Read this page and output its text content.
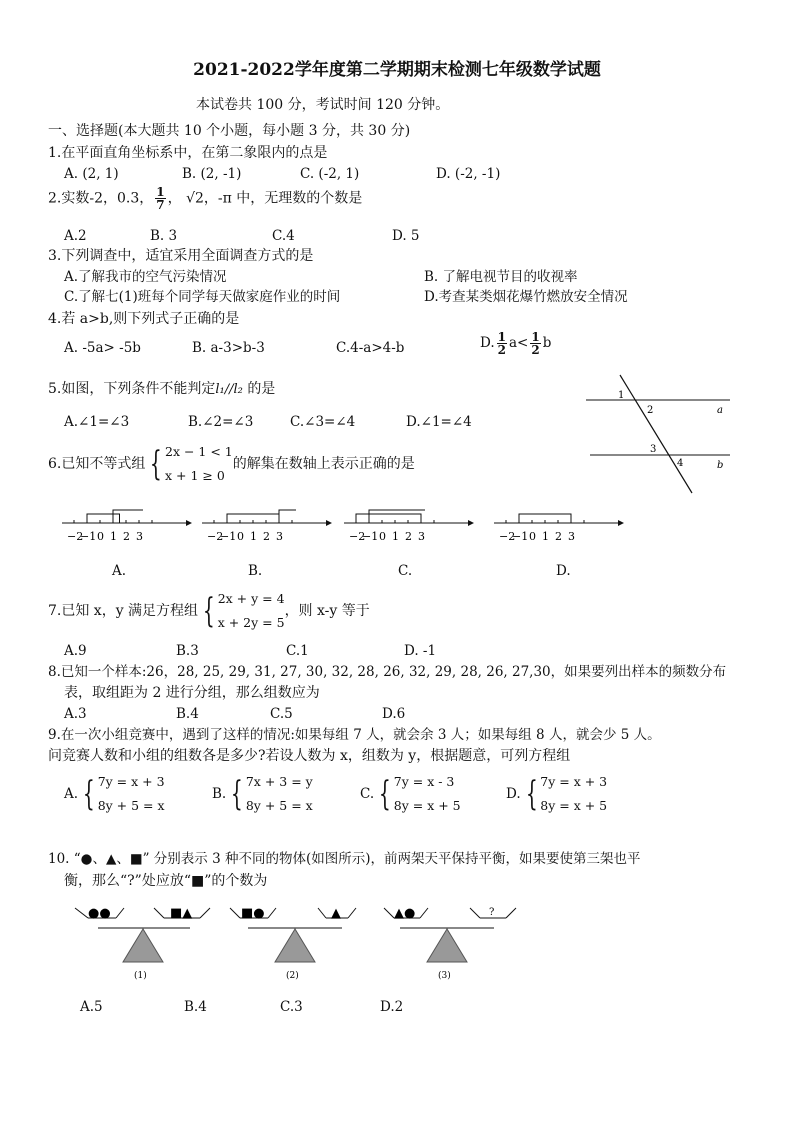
2021-2022学年度第二学期期末检测七年级数学试题
本试卷共 100 分，考试时间 120 分钟。
一、选择题(本大题共 10 个小题，每小题 3 分，共 30 分)
1.在平面直角坐标系中，在第二象限内的点是
A. (2, 1)	B. (2, -1)	C. (-2, 1)	D. (-2, -1)
2.实数-2，0.3， $\frac{1}{7}$ ， √2，-π 中，无理数的个数是
A.2	B. 3	C.4	D. 5
3.下列调查中，适宜采用全面调查方式的是
A.了解我市的空气污染情况	B. 了解电视节目的收视率
C.了解七(1)班每个同学每天做家庭作业的时间	D.考查某类烟花爆竹燃放安全情况
4.若 a>b,则下列式子正确的是
A. -5a> -5b	B. a-3>b-3	C.4-a>4-b	D. $\frac{1}{2} a< \frac{1}{2}$ b
5.如图，下列条件不能判定l₁//l₂ 的是
A.∠1=∠3	B.∠2=∠3	C.∠3=∠4	D.∠1=∠4
1
2
3
4
a
b
6.已知不等式组 { 2x − 1 < 1
x + 1 ≥ 0
的解集在数轴上表示正确的是
−2
−1 0 1 2 3	−2
−1 0 1 2 3	−2
−1 0 1 2 3	−2
−1 0 1 2 3
A.	B.	C.	D.
7.已知 x，y 满足方程组 { 2x + y = 4
x + 2y = 5
，则 x-y 等于
A.9	B.3	C.1	D. -1
8.已知一个样本:26，28, 25, 29, 31, 27, 30, 32, 28, 26, 32, 29, 28, 26, 27,30，如果要列出样本的频数分布
表，取组距为 2 进行分组，那么组数应为
A.3	B.4	C.5	D.6
9.在一次小组竞赛中，遇到了这样的情况:如果每组 7 人，就会余 3 人；如果每组 8 人，就会少 5 人。
问竞赛人数和小组的组数各是多少?若设人数为 x，组数为 y，根据题意，可列方程组
A. { 7y = x + 3
8y + 5 = x
B. { 7x + 3 = y
8y + 5 = x
C. { 7y = x - 3
8y = x + 5
D. { 7y = x + 3
8y = x + 5
10. “●、▲、■” 分别表示 3 种不同的物体(如图所示)，前两架天平保持平衡，如果要使第三架也平
衡，那么“?”处应放“■”的个数为
●●	■▲
(1)
■●	▲
(2)
▲●	?
(3)
A.5	B.4	C.3	D.2
